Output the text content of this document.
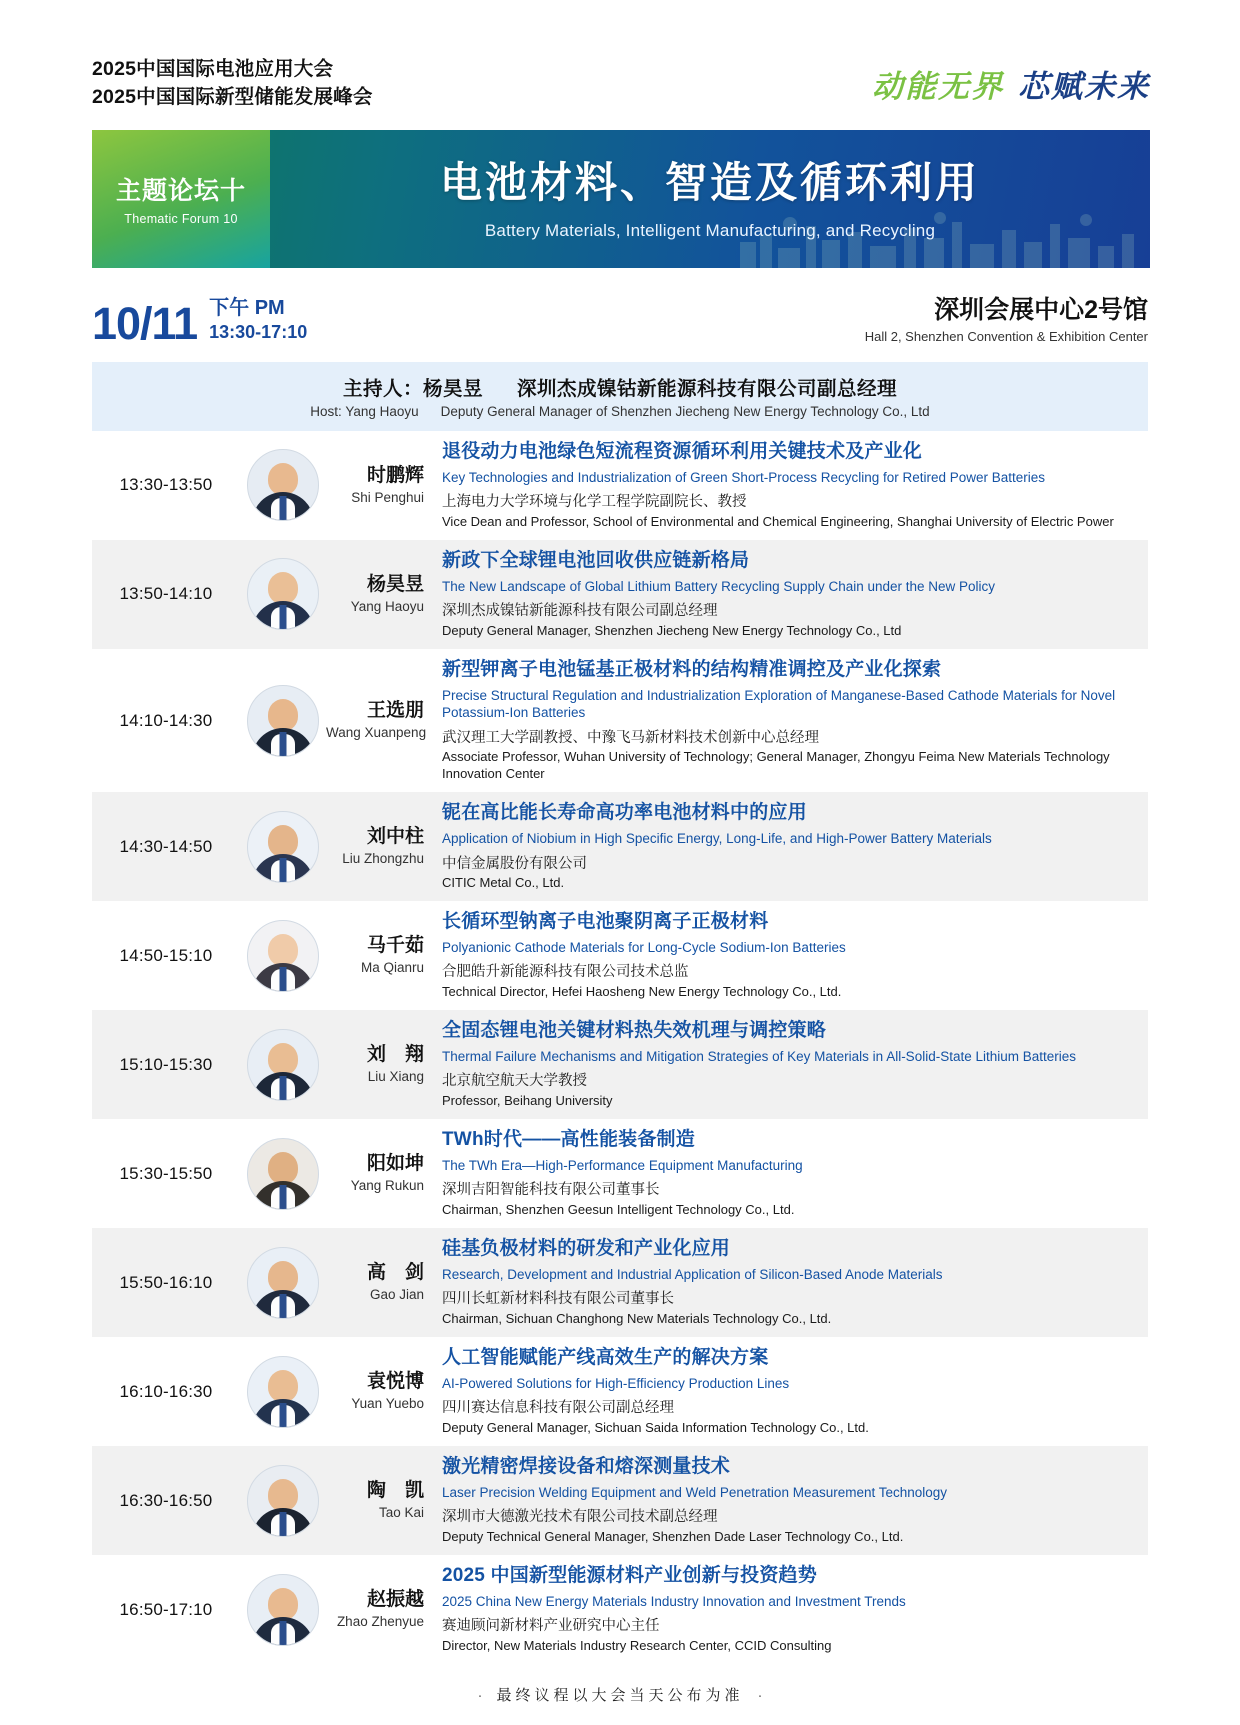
2025中国国际电池应用大会
2025中国国际新型储能发展峰会	动能无界 芯赋未来
主题论坛十
Thematic Forum 10
电池材料、智造及循环利用
Battery Materials, Intelligent Manufacturing, and Recycling
10/11 下午 PM
13:30-17:10
深圳会展中心2号馆
Hall 2, Shenzhen Convention & Exhibition Center
主持人：杨昊昱 深圳杰成镍钴新能源科技有限公司副总经理
Host: Yang Haoyu Deputy General Manager of Shenzhen Jiecheng New Energy Technology Co., Ltd
13:30-13:50	时鹏辉
Shi Penghui
退役动力电池绿色短流程资源循环利用关键技术及产业化
Key Technologies and Industrialization of Green Short-Process Recycling for Retired Power Batteries
上海电力大学环境与化学工程学院副院长、教授
Vice Dean and Professor, School of Environmental and Chemical Engineering, Shanghai University of Electric Power
13:50-14:10	杨昊昱
Yang Haoyu
新政下全球锂电池回收供应链新格局
The New Landscape of Global Lithium Battery Recycling Supply Chain under the New Policy
深圳杰成镍钴新能源科技有限公司副总经理
Deputy General Manager, Shenzhen Jiecheng New Energy Technology Co., Ltd
14:10-14:30	王选朋
Wang Xuanpeng
新型钾离子电池锰基正极材料的结构精准调控及产业化探索
Precise Structural Regulation and Industrialization Exploration of Manganese-Based Cathode Materials for Novel Potassium-Ion Batteries
武汉理工大学副教授、中豫飞马新材料技术创新中心总经理
Associate Professor, Wuhan University of Technology; General Manager, Zhongyu Feima New Materials Technology Innovation Center
14:30-14:50	刘中柱
Liu Zhongzhu
铌在高比能长寿命高功率电池材料中的应用
Application of Niobium in High Specific Energy, Long-Life, and High-Power Battery Materials
中信金属股份有限公司
CITIC Metal Co., Ltd.
14:50-15:10	马千茹
Ma Qianru
长循环型钠离子电池聚阴离子正极材料
Polyanionic Cathode Materials for Long-Cycle Sodium-Ion Batteries
合肥皓升新能源科技有限公司技术总监
Technical Director, Hefei Haosheng New Energy Technology Co., Ltd.
15:10-15:30	刘　翔
Liu Xiang
全固态锂电池关键材料热失效机理与调控策略
Thermal Failure Mechanisms and Mitigation Strategies of Key Materials in All-Solid-State Lithium Batteries
北京航空航天大学教授
Professor, Beihang University
15:30-15:50	阳如坤
Yang Rukun
TWh时代——高性能装备制造
The TWh Era—High-Performance Equipment Manufacturing
深圳吉阳智能科技有限公司董事长
Chairman, Shenzhen Geesun Intelligent Technology Co., Ltd.
15:50-16:10	高　剑
Gao Jian
硅基负极材料的研发和产业化应用
Research, Development and Industrial Application of Silicon-Based Anode Materials
四川长虹新材料科技有限公司董事长
Chairman, Sichuan Changhong New Materials Technology Co., Ltd.
16:10-16:30	袁悦博
Yuan Yuebo
人工智能赋能产线高效生产的解决方案
AI-Powered Solutions for High-Efficiency Production Lines
四川赛达信息科技有限公司副总经理
Deputy General Manager, Sichuan Saida Information Technology Co., Ltd.
16:30-16:50	陶　凯
Tao Kai
激光精密焊接设备和熔深测量技术
Laser Precision Welding Equipment and Weld Penetration Measurement Technology
深圳市大德激光技术有限公司技术副总经理
Deputy Technical General Manager, Shenzhen Dade Laser Technology Co., Ltd.
16:50-17:10	赵振越
Zhao Zhenyue
2025 中国新型能源材料产业创新与投资趋势
2025 China New Energy Materials Industry Innovation and Investment Trends
赛迪顾问新材料产业研究中心主任
Director, New Materials Industry Research Center, CCID Consulting
· 最终议程以大会当天公布为准 ·
